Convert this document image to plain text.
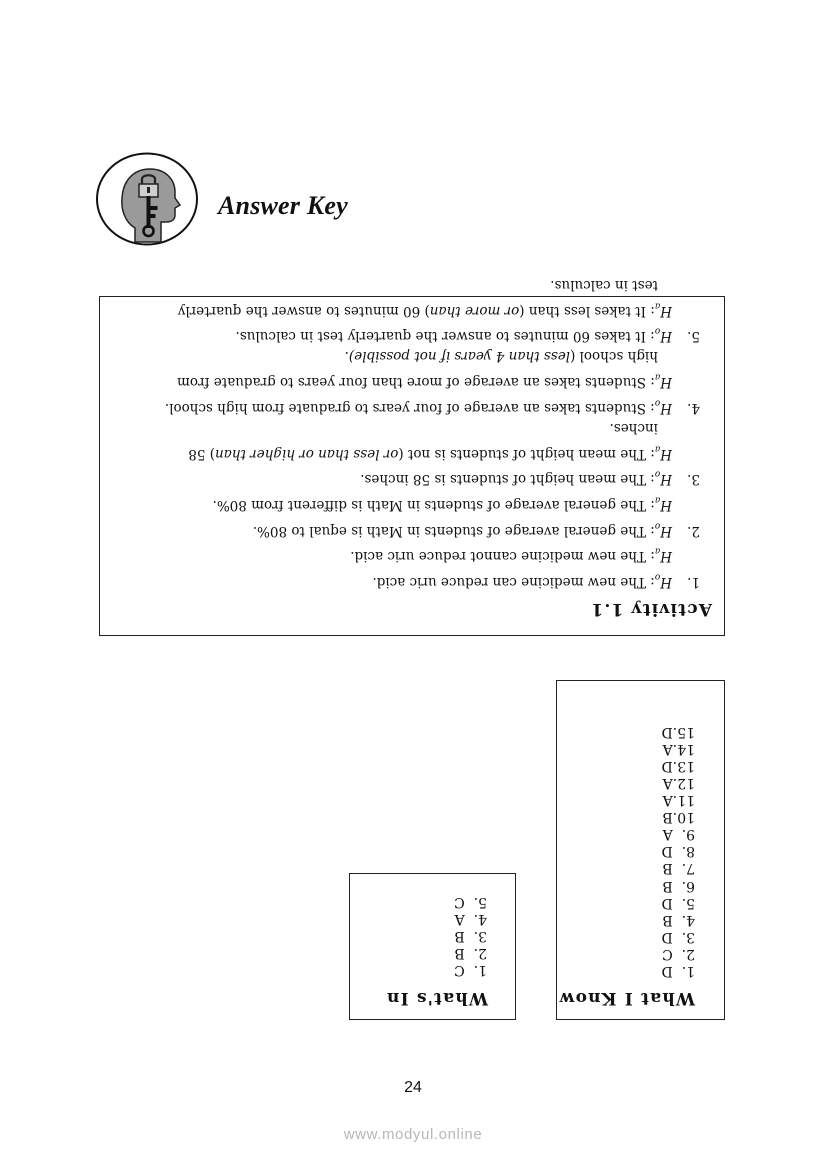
Answer Key
Activity 1.1
1.
$H_o$: The new medicine can reduce uric acid.
$H_a$: The new medicine cannot reduce uric acid.
2.
$H_o$: The general average of students in Math is equal to 80%.
$H_a$: The general average of students in Math is different from 80%.
3.
$H_o$: The mean height of students is 58 inches.
$H_a$: The mean height of students is not (or less than or higher than) 58
inches.
4.
$H_o$: Students takes an average of four years to graduate from high school.
$H_a$: Students takes an average of more than four years to graduate from
high school (less than 4 years if not possible).
5.
$H_o$: It takes 60 minutes to answer the quarterly test in calculus.
$H_a$: It takes less than (or more than) 60 minutes to answer the quarterly
test in calculus.
What I Know
1.  D
2.  C
3.  D
4.  B
5.  D
6.  B
7.  B
8.  D
9.  A
10.B
11.A
12.A
13.D
14.A
15.D
What's In
1.  C
2.  B
3.  B
4.  A
5.  C
24
www.modyul.online
